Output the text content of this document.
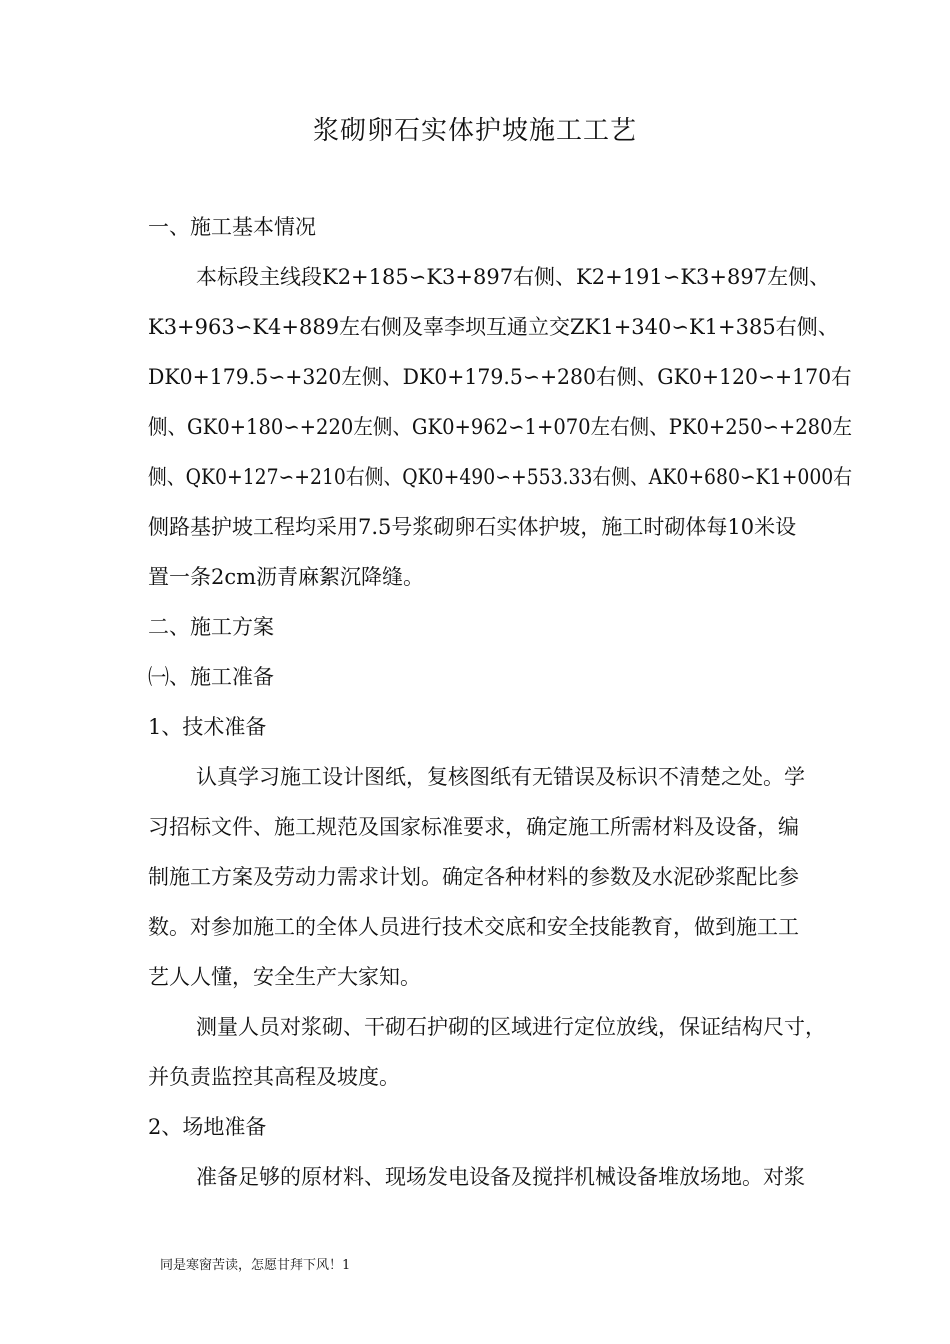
浆砌卵石实体护坡施工工艺
一、施工基本情况
本标段主线段K2+185∽K3+897右侧、K2+191∽K3+897左侧、
K3+963∽K4+889左右侧及辜李坝互通立交ZK1+340∽K1+385右侧、
DK0+179.5∽+320左侧、DK0+179.5∽+280右侧、GK0+120∽+170右
侧、GK0+180∽+220左侧、GK0+962∽1+070左右侧、PK0+250∽+280左
侧、QK0+127∽+210右侧、QK0+490∽+553.33右侧、AK0+680∽K1+000右
侧路基护坡工程均采用7.5号浆砌卵石实体护坡，施工时砌体每10米设
置一条2cm沥青麻絮沉降缝。
二、施工方案
㈠、施工准备
1、技术准备
认真学习施工设计图纸，复核图纸有无错误及标识不清楚之处。学
习招标文件、施工规范及国家标准要求，确定施工所需材料及设备，编
制施工方案及劳动力需求计划。确定各种材料的参数及水泥砂浆配比参
数。对参加施工的全体人员进行技术交底和安全技能教育，做到施工工
艺人人懂，安全生产大家知。
测量人员对浆砌、干砌石护砌的区域进行定位放线，保证结构尺寸，
并负责监控其高程及坡度。
2、场地准备
准备足够的原材料、现场发电设备及搅拌机械设备堆放场地。对浆
同是寒窗苦读，怎愿甘拜下风！1
